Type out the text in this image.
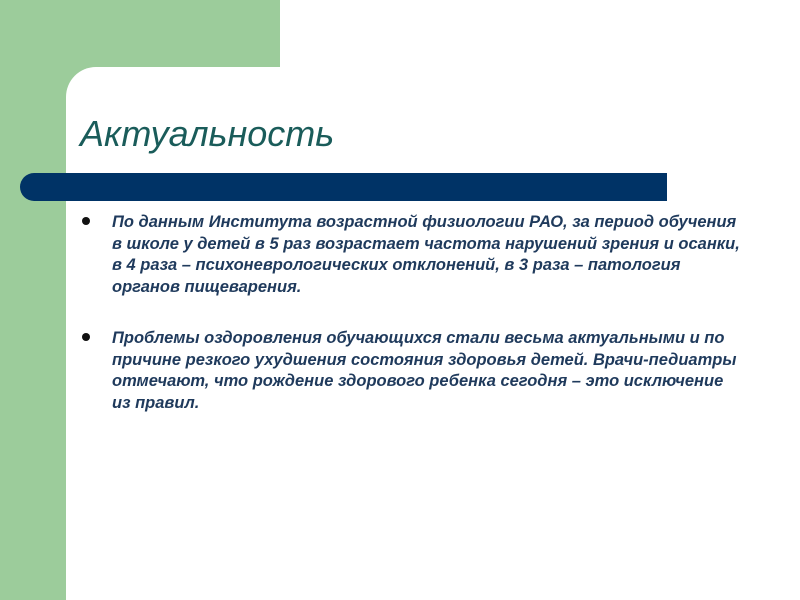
Актуальность
По данным Института возрастной физиологии РАО, за период обучения в школе у детей в 5 раз возрастает частота нарушений зрения и осанки, в 4 раза – психоневрологических отклонений, в 3 раза – патология органов пищеварения.
Проблемы оздоровления обучающихся стали весьма актуальными и по причине резкого ухудшения состояния здоровья детей. Врачи-педиатры отмечают, что рождение здорового ребенка сегодня – это исключение из правил.
